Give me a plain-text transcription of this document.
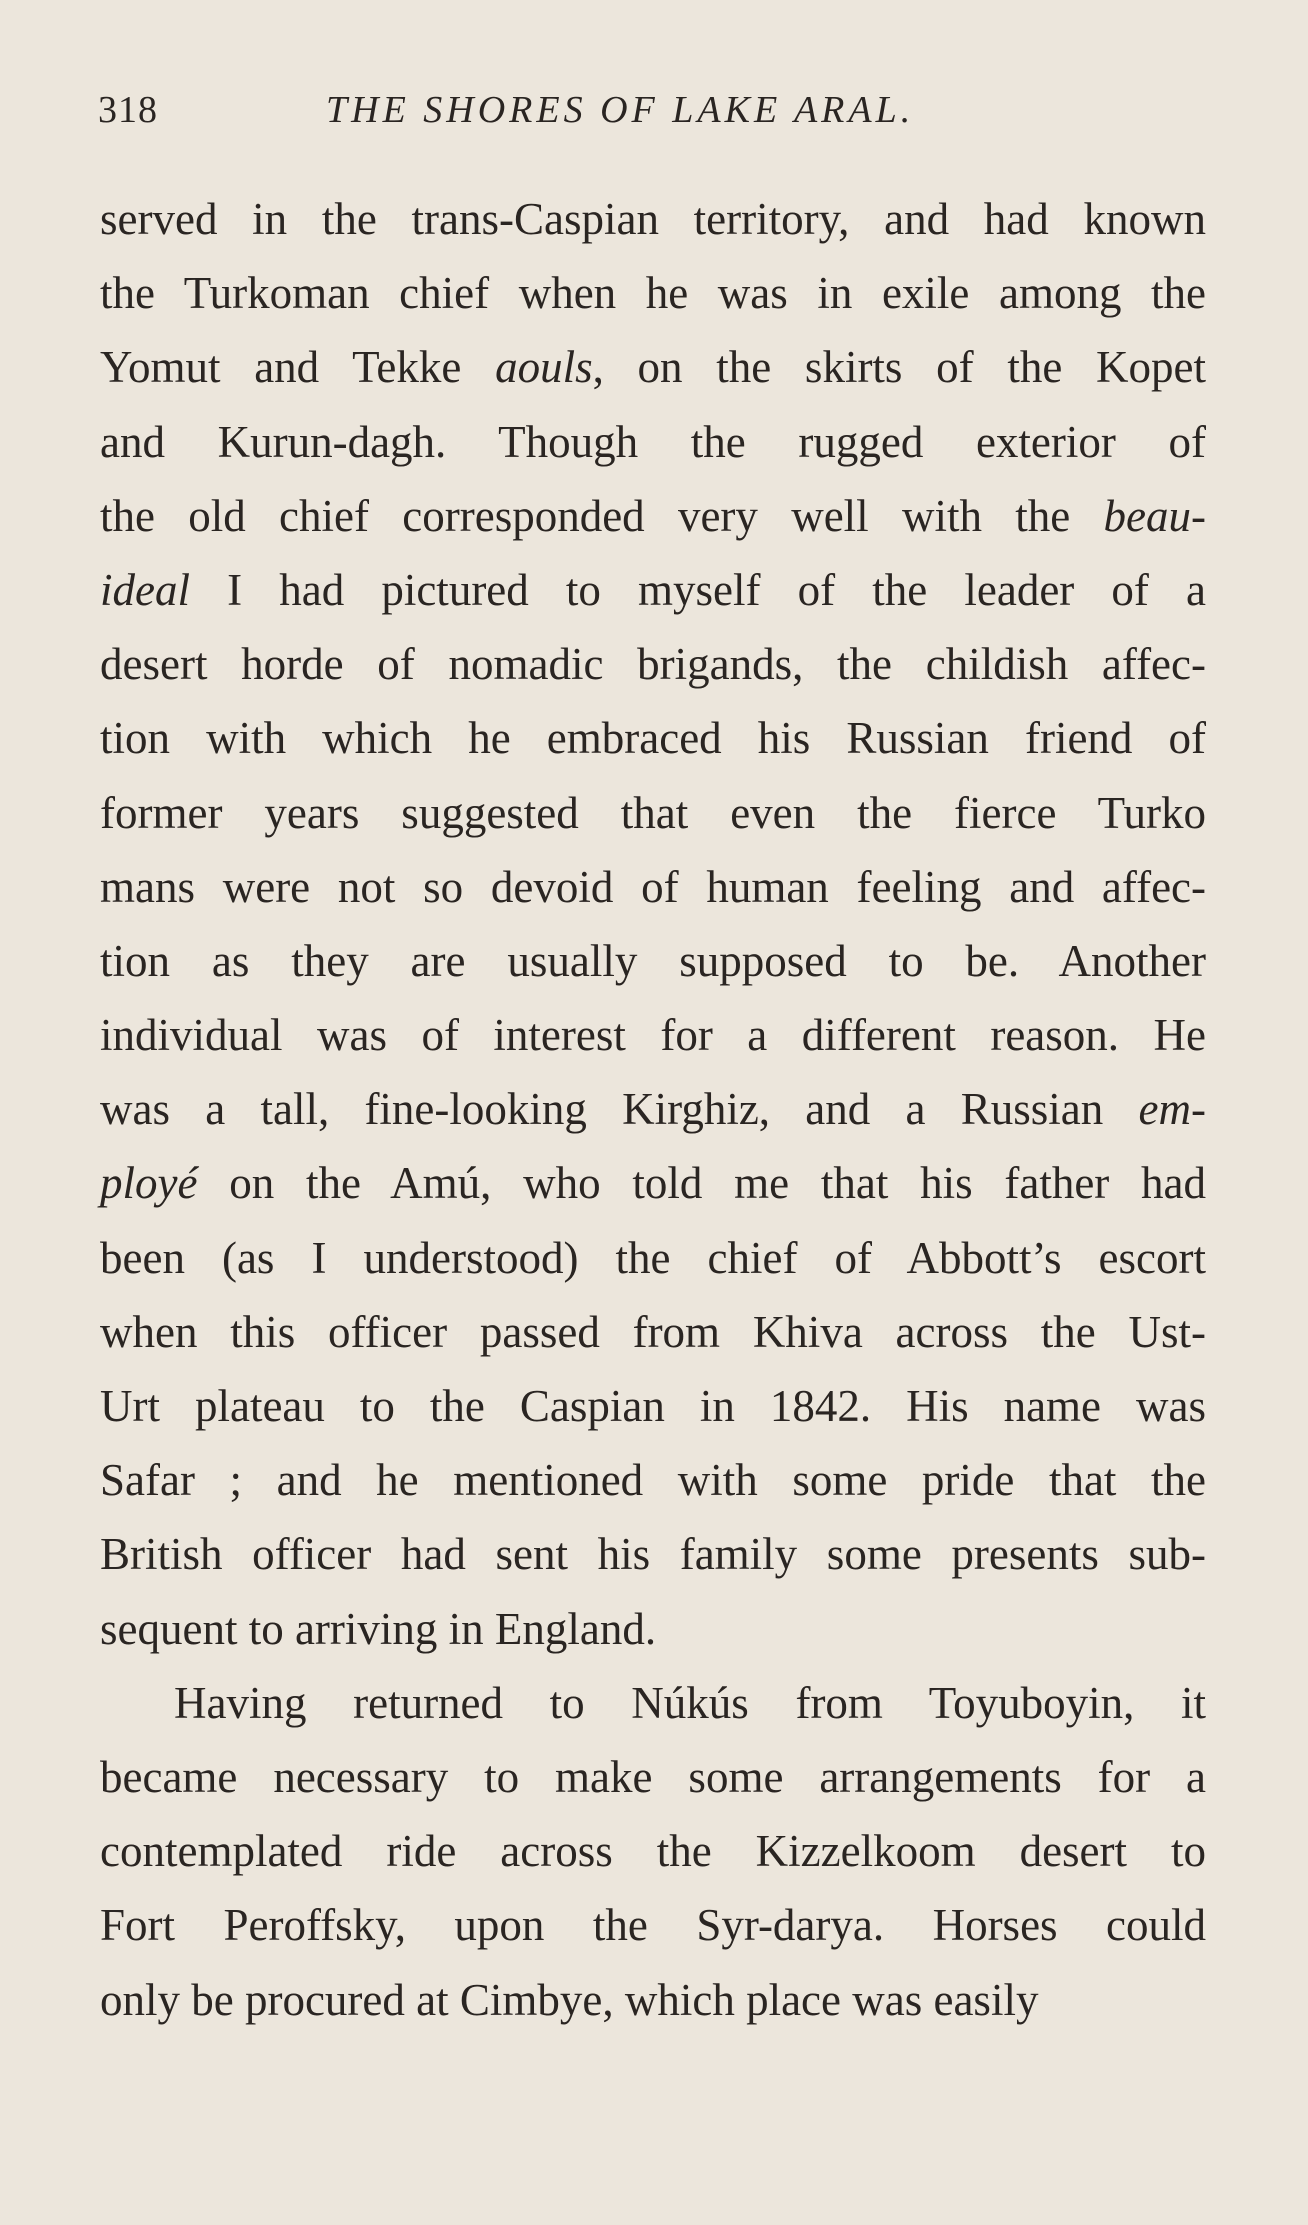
318	THE SHORES OF LAKE ARAL.
served in the trans-Caspian territory, and had known
the Turkoman chief when he was in exile among the
Yomut and Tekke aouls, on the skirts of the Kopet
and Kurun-dagh. Though the rugged exterior of
the old chief corresponded very well with the beau-
ideal I had pictured to myself of the leader of a
desert horde of nomadic brigands, the childish affec-
tion with which he embraced his Russian friend of
former years suggested that even the fierce Turko
mans were not so devoid of human feeling and affec-
tion as they are usually supposed to be. Another
individual was of interest for a different reason. He
was a tall, fine-looking Kirghiz, and a Russian em-
ployé on the Amú, who told me that his father had
been (as I understood) the chief of Abbott’s escort
when this officer passed from Khiva across the Ust-
Urt plateau to the Caspian in 1842. His name was
Safar ; and he mentioned with some pride that the
British officer had sent his family some presents sub-
sequent to arriving in England.
Having returned to Núkús from Toyuboyin, it
became necessary to make some arrangements for a
contemplated ride across the Kizzelkoom desert to
Fort Peroffsky, upon the Syr-darya. Horses could
only be procured at Cimbye, which place was easily
